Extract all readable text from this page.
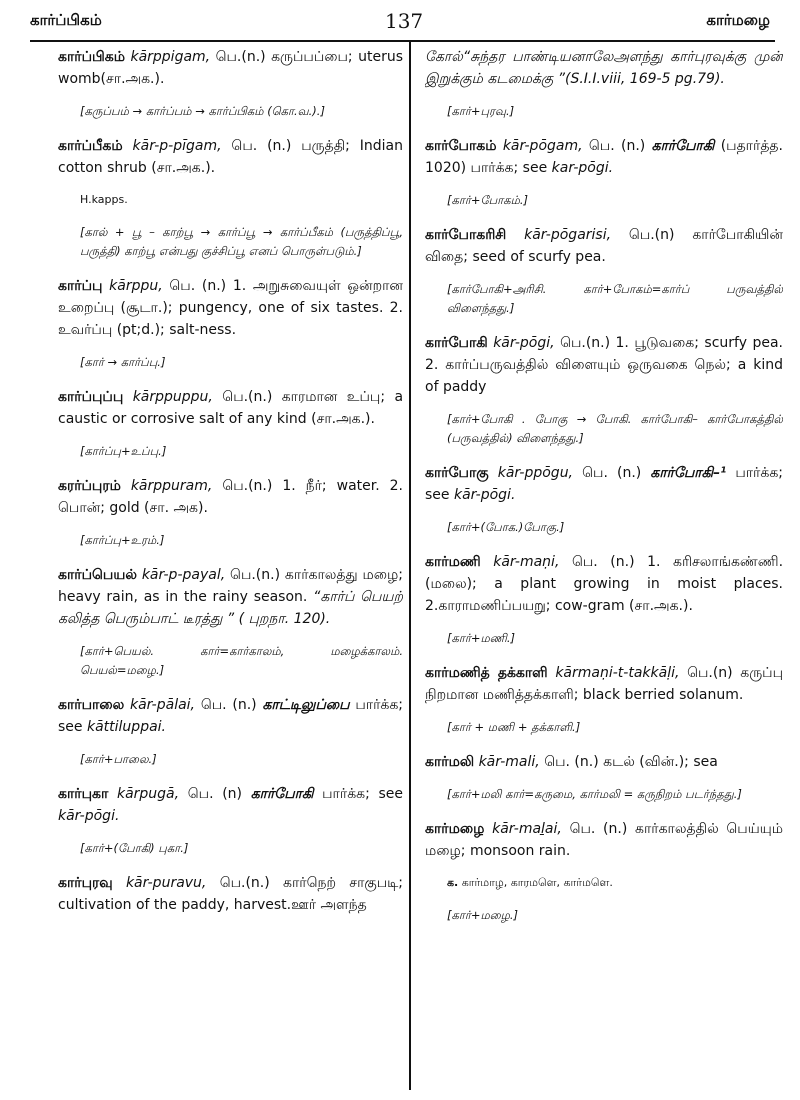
கார்ப்பிகம்	137	கார்மழை
கார்ப்பிகம் kārppigam, பெ.(n.) கருப்பப்பை; uterus womb(சா.அக.).
[கருப்பம் → கார்ப்பம் → கார்ப்பிகம் (கொ.வ.).]
கார்ப்பீகம் kār-p-pīgam, பெ. (n.) பருத்தி; Indian cotton shrub (சா.அக.).
H.kapps.
[கால் + பூ – காற்பூ → கார்ப்பூ → கார்ப்பீகம் (பருத்திப்பூ, பருத்தி) காற்பூ என்பது குச்சிப்பூ எனப் பொருள்படும்.]
கார்ப்பு kārppu, பெ. (n.) 1. அறுசுவையுள் ஒன்றான உறைப்பு (சூடா.); pungency, one of six tastes. 2. உவர்ப்பு (pt;d.); salt-ness.
[கார் → கார்ப்பு.]
கார்ப்புப்பு kārppuppu, பெ.(n.) காரமான உப்பு; a caustic or corrosive salt of any kind (சா.அக.).
[கார்ப்பு+உப்பு.]
கரர்ப்புரம் kārppuram, பெ.(n.) 1. நீர்; water. 2. பொன்; gold (சா. அக).
[கார்ப்பு+உரம்.]
கார்ப்பெயல் kār-p-payal, பெ.(n.) கார்காலத்து மழை; heavy rain, as in the rainy season. “கார்ப் பெயற் கலித்த பெரும்பாட் டீரத்து ” ( புறநா. 120).
[கார்+பெயல். கார்=கார்காலம், மழைக்காலம். பெயல்=மழை.]
கார்பாலை kār-pālai, பெ. (n.) காட்டிலுப்பை பார்க்க; see kāttiluppai.
[கார்+பாலை.]
கார்புகா kārpugā, பெ. (n) கார்போகி பார்க்க; see kār-pōgi.
[கார்+(போகி) புகா.]
கார்புரவு kār-puravu, பெ.(n.) கார்நெற் சாகுபடி; cultivation of the paddy, harvest.ஊர் அளந்த
கோல்“சுந்தர பாண்டியனாலேஅளந்து கார்புரவுக்கு முன் இறுக்கும் கடமைக்கு ”(S.I.I.viii, 169-5 pg.79).
[கார்+புரவு.]
கார்போகம் kār-pōgam, பெ. (n.) கார்போகி (பதார்த்த. 1020) பார்க்க; see kar-pōgi.
[கார்+போகம்.]
கார்போகரிசி kār-pōgarisi, பெ.(n) கார்போகியின் விதை; seed of scurfy pea.
[கார்போகி+அரிசி. கார்+போகம்=கார்ப் பருவத்தில் விளைந்தது.]
கார்போகி kār-pōgi, பெ.(n.) 1. பூடுவகை; scurfy pea. 2. கார்ப்பருவத்தில் விளையும் ஒருவகை நெல்; a kind of paddy
[கார்+போகி . போகு → போகி. கார்போகி– கார்போகத்தில் (பருவத்தில்) விளைந்தது.]
கார்போகு kār-ppōgu, பெ. (n.) கார்போகி–¹ பார்க்க; see kār-pōgi.
[கார்+(போக.)போகு.]
கார்மணி kār-maṇi, பெ. (n.) 1. கரிசலாங்கண்ணி. (மலை); a plant growing in moist places. 2.காராமணிப்பயறு; cow-gram (சா.அக.).
[கார்+மணி.]
கார்மணித் தக்காளி kārmaṇi-t-takkāḷi, பெ.(n) கருப்பு நிறமான மணித்தக்காளி; black berried solanum.
[கார் + மணி + தக்காளி.]
கார்மலி kār-mali, பெ. (n.) கடல் (வின்.); sea
[கார்+மலி கார்=கருமை, கார்மலி = கருநிறம் படர்ந்தது.]
கார்மழை kār-maḻai, பெ. (n.) கார்காலத்தில் பெய்யும் மழை; monsoon rain.
க. கார்மாழ, காரமளெ, கார்மளெ.
[கார்+மழை.]
